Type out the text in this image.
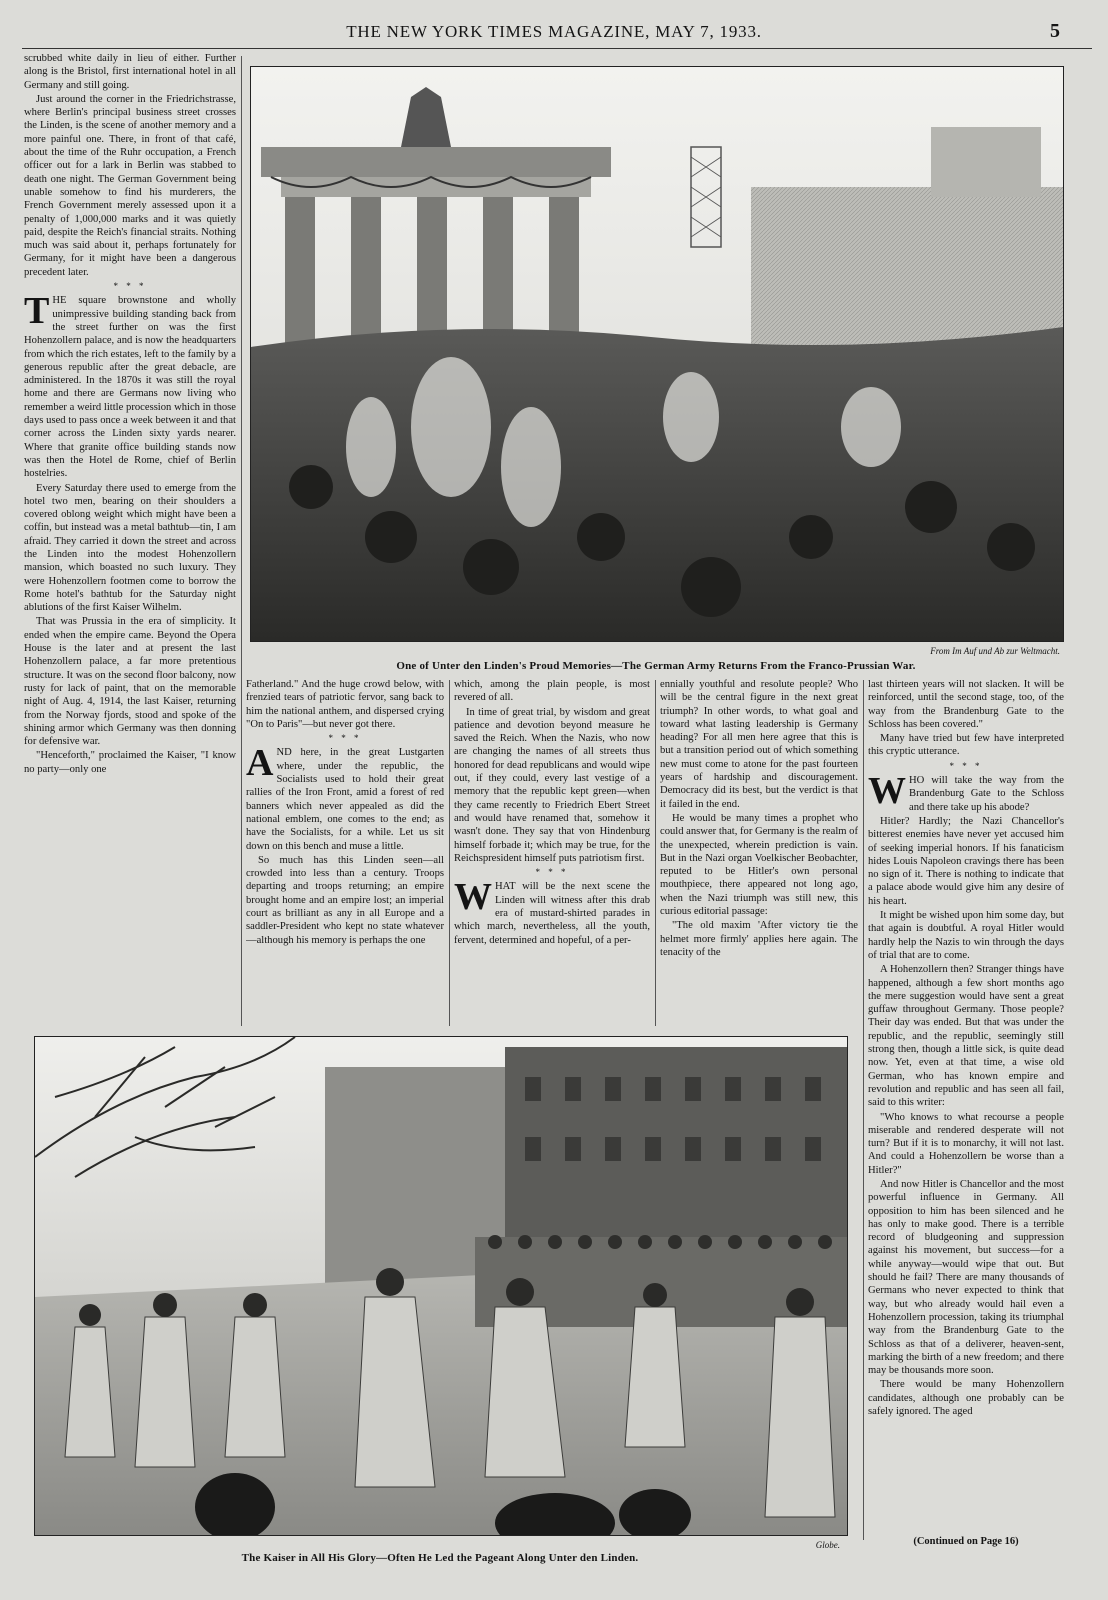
THE NEW YORK TIMES MAGAZINE, MAY 7, 1933.	5

scrubbed white daily in lieu of either. Further along is the Bristol, first international hotel in all Germany and still going.

Just around the corner in the Friedrichstrasse, where Berlin's principal business street crosses the Linden, is the scene of another memory and a more painful one. There, in front of that café, about the time of the Ruhr occupation, a French officer out for a lark in Berlin was stabbed to death one night. The German Government being unable somehow to find his murderers, the French Government merely assessed upon it a penalty of 1,000,000 marks and it was quietly paid, despite the Reich's financial straits. Nothing much was said about it, perhaps fortunately for Germany, for it might have been a dangerous precedent later.

* * *

THE square brownstone and wholly unimpressive building standing back from the street further on was the first Hohenzollern palace, and is now the headquarters from which the rich estates, left to the family by a generous republic after the great debacle, are administered. In the 1870s it was still the royal home and there are Germans now living who remember a weird little procession which in those days used to pass once a week between it and that corner across the Linden sixty yards nearer. Where that granite office building stands now was then the Hotel de Rome, chief of Berlin hostelries.

Every Saturday there used to emerge from the hotel two men, bearing on their shoulders a covered oblong weight which might have been a coffin, but instead was a metal bathtub—tin, I am afraid. They carried it down the street and across the Linden into the modest Hohenzollern mansion, which boasted no such luxury. They were Hohenzollern footmen come to borrow the Rome hotel's bathtub for the Saturday night ablutions of the first Kaiser Wilhelm.

That was Prussia in the era of simplicity. It ended when the empire came. Beyond the Opera House is the later and at present the last Hohenzollern palace, a far more pretentious structure. It was on the second floor balcony, now rusty for lack of paint, that on the memorable night of Aug. 4, 1914, the last Kaiser, returning from the Norway fjords, stood and spoke of the shining armor which Germany was then donning for defensive war.

"Henceforth," proclaimed the Kaiser, "I know no party—only one

From Im Auf und Ab zur Weltmacht.
One of Unter den Linden's Proud Memories—The German Army Returns From the Franco-Prussian War.

Fatherland." And the huge crowd below, with frenzied tears of patriotic fervor, sang back to him the national anthem, and dispersed crying "On to Paris"—but never got there.

* * *

AND here, in the great Lustgarten where, under the republic, the Socialists used to hold their great rallies of the Iron Front, amid a forest of red banners which never appealed as did the national emblem, one comes to the end; as have the Socialists, for a while. Let us sit down on this bench and muse a little.

So much has this Linden seen—all crowded into less than a century. Troops departing and troops returning; an empire brought home and an empire lost; an imperial court as brilliant as any in all Europe and a saddler-President who kept no state whatever—although his memory is perhaps the one

which, among the plain people, is most revered of all.

In time of great trial, by wisdom and great patience and devotion beyond measure he saved the Reich. When the Nazis, who now are changing the names of all streets thus honored for dead republicans and would wipe out, if they could, every last vestige of a memory that the republic kept green—when they came recently to Friedrich Ebert Street and would have renamed that, somehow it wasn't done. They say that von Hindenburg himself forbade it; which may be true, for the Reichspresident himself puts patriotism first.

* * *

WHAT will be the next scene the Linden will witness after this drab era of mustard-shirted parades in which march, nevertheless, all the youth, fervent, determined and hopeful, of a per-

ennially youthful and resolute people? Who will be the central figure in the next great triumph? In other words, to what goal and toward what lasting leadership is Germany heading? For all men here agree that this is but a transition period out of which something new must come to atone for the past fourteen years of hardship and discouragement. Democracy did its best, but the verdict is that it failed in the end.

He would be many times a prophet who could answer that, for Germany is the realm of the unexpected, wherein prediction is vain. But in the Nazi organ Voelkischer Beobachter, reputed to be Hitler's own personal mouthpiece, there appeared not long ago, when the Nazi triumph was still new, this curious editorial passage:

"The old maxim 'After victory tie the helmet more firmly' applies here again. The tenacity of the

last thirteen years will not slacken. It will be reinforced, until the second stage, too, of the way from the Brandenburg Gate to the Schloss has been covered."

Many have tried but few have interpreted this cryptic utterance.

* * *

WHO will take the way from the Brandenburg Gate to the Schloss and there take up his abode?

Hitler? Hardly; the Nazi Chancellor's bitterest enemies have never yet accused him of seeking imperial honors. If his fanaticism hides Louis Napoleon cravings there has been no sign of it. There is nothing to indicate that a palace abode would give him any desire of his heart.

It might be wished upon him some day, but that again is doubtful. A royal Hitler would hardly help the Nazis to win through the days of trial that are to come.

A Hohenzollern then? Stranger things have happened, although a few short months ago the mere suggestion would have sent a great guffaw throughout Germany. Those people? Their day was ended. But that was under the republic, and the republic, seemingly still strong then, though a little sick, is quite dead now. Yet, even at that time, a wise old German, who has known empire and revolution and republic and has seen all fail, said to this writer:

"Who knows to what recourse a people miserable and rendered desperate will not turn? But if it is to monarchy, it will not last. And could a Hohenzollern be worse than a Hitler?"

And now Hitler is Chancellor and the most powerful influence in Germany. All opposition to him has been silenced and he has only to make good. There is a terrible record of bludgeoning and suppression against his movement, but success—for a while anyway—would wipe that out. But should he fail? There are many thousands of Germans who never expected to think that way, but who already would hail even a Hohenzollern procession, taking its triumphal way from the Brandenburg Gate to the Schloss as that of a deliverer, heaven-sent, marking the birth of a new freedom; and there may be thousands more soon.

There would be many Hohenzollern candidates, although one probably can be safely ignored. The aged

(Continued on Page 16)
Globe.
The Kaiser in All His Glory—Often He Led the Pageant Along Unter den Linden.
